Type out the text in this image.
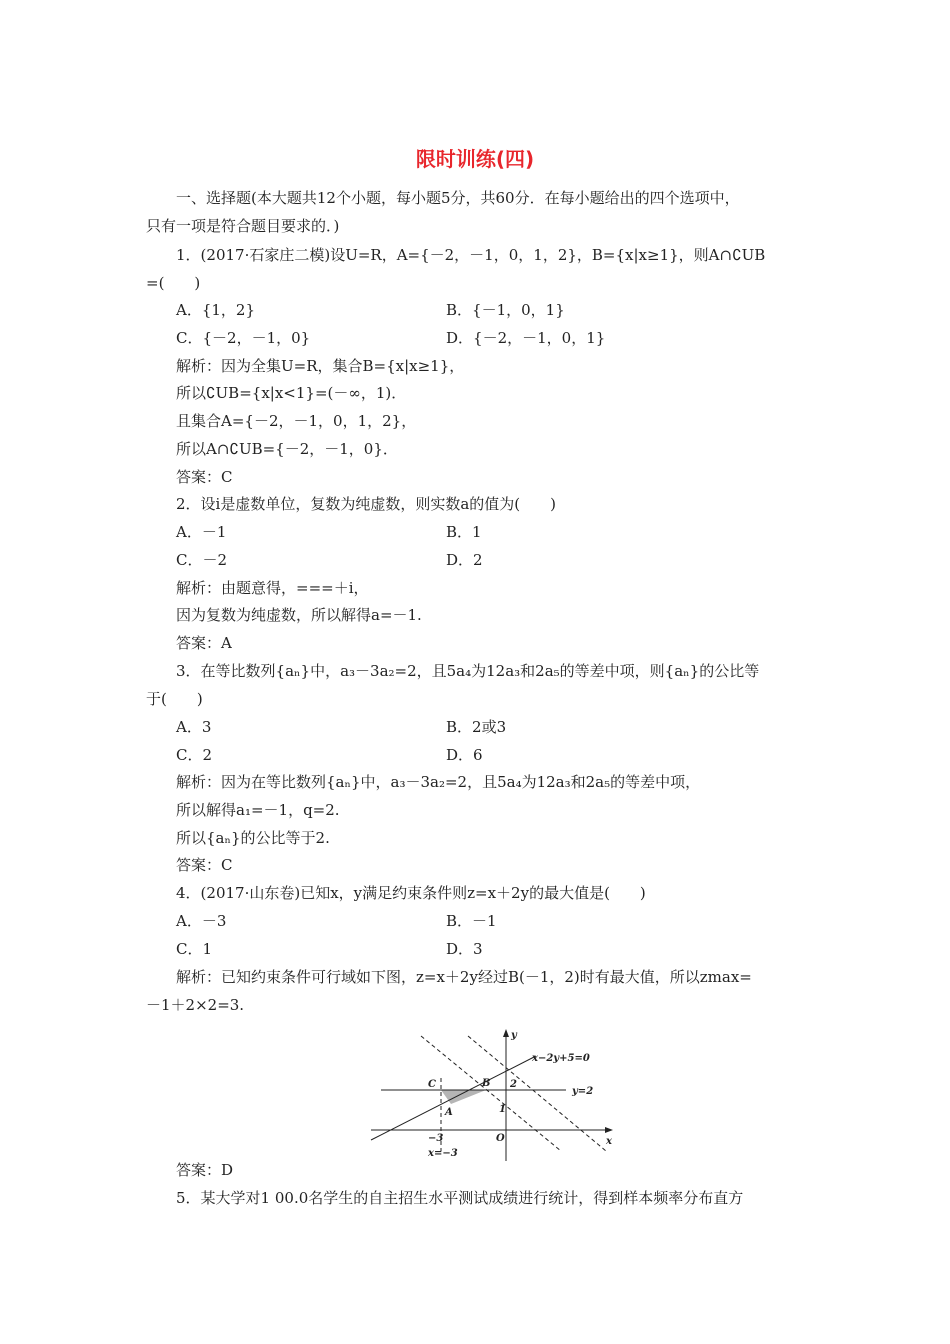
限时训练(四)
一、选择题(本大题共12个小题，每小题5分，共60分．在每小题给出的四个选项中，
只有一项是符合题目要求的．)
1．(2017·石家庄二模)设U=R，A={－2，－1，0，1，2}，B={x|x≥1}，则A∩∁UB
=(　　)
A．{1，2}	B．{－1，0，1}
C．{－2，－1，0}	D．{－2，－1，0，1}
解析：因为全集U=R，集合B={x|x≥1}，
所以∁UB={x|x<1}=(－∞，1)．
且集合A={－2，－1，0，1，2}，
所以A∩∁UB={－2，－1，0}．
答案：C
2．设i是虚数单位，复数为纯虚数，则实数a的值为(　　)
A．－1	B．1
C．－2	D．2
解析：由题意得，===＋i，
因为复数为纯虚数，所以解得a=－1.
答案：A
3．在等比数列{aₙ}中，a₃－3a₂=2，且5a₄为12a₃和2a₅的等差中项，则{aₙ}的公比等
于(　　)
A．3	B．2或3
C．2	D．6
解析：因为在等比数列{aₙ}中，a₃－3a₂=2，且5a₄为12a₃和2a₅的等差中项，
所以解得a₁=－1，q=2.
所以{aₙ}的公比等于2.
答案：C
4．(2017·山东卷)已知x，y满足约束条件则z=x＋2y的最大值是(　　)
A．－3	B．－1
C．1	D．3
解析：已知约束条件可行域如下图，z=x＋2y经过B(－1，2)时有最大值，所以zmax=
－1＋2×2=3.
答案：D
5．某大学对1 00.0名学生的自主招生水平测试成绩进行统计，得到样本频率分布直方
y
x
x−2y+5=0
y=2
C	B
A
2
1
−3	O
x=−3
